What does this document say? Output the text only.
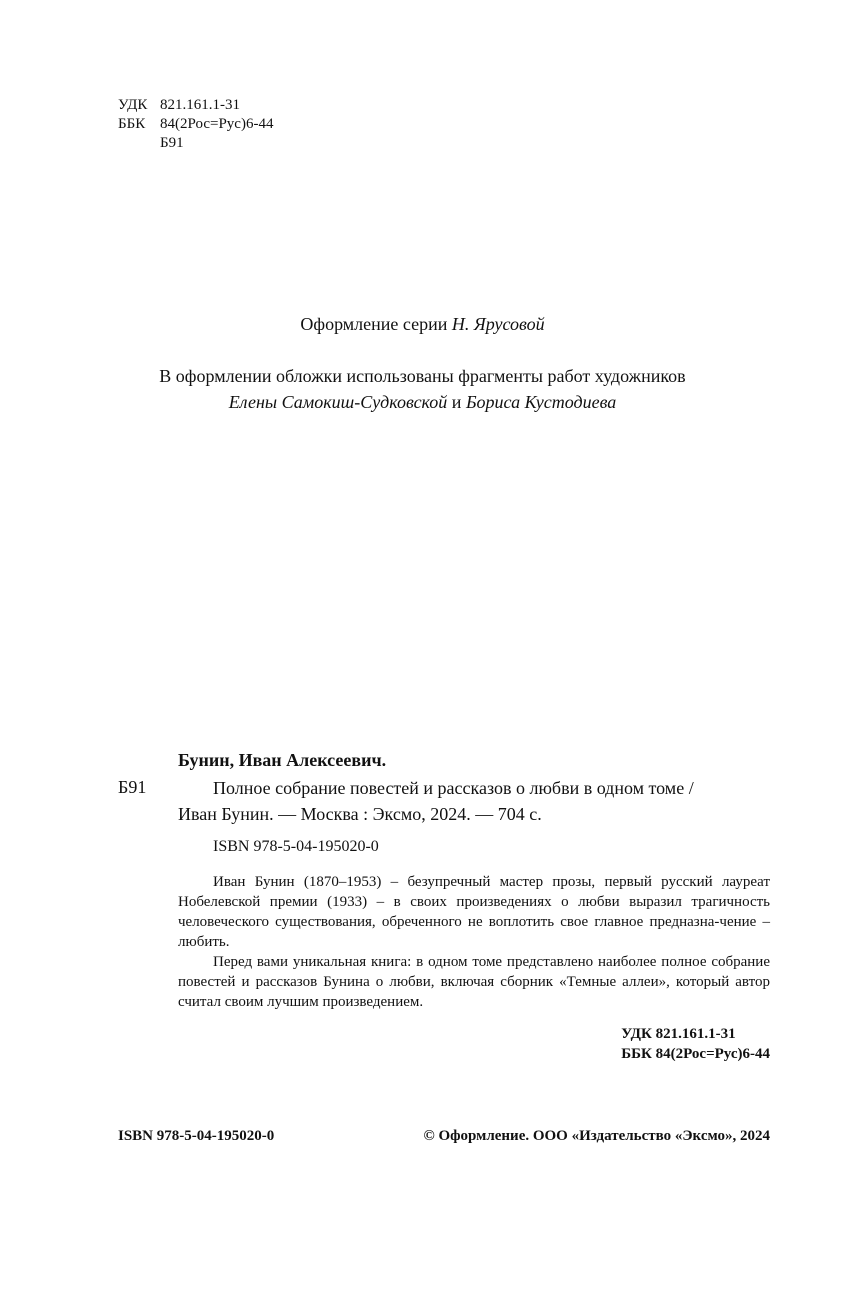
УДК 821.161.1-31
ББК 84(2Рос=Рус)6-44
Б91
Оформление серии Н. Ярусовой
В оформлении обложки использованы фрагменты работ художников
Елены Самокиш-Судковской и Бориса Кустодиева
Бунин, Иван Алексеевич.
Б91	Полное собрание повестей и рассказов о любви в одном томе /
Иван Бунин. — Москва : Эксмо, 2024. — 704 с.
ISBN 978-5-04-195020-0

Иван Бунин (1870–1953) – безупречный мастер прозы, первый русский лауреат Нобелевской премии (1933) – в своих произведениях о любви выразил трагичность человеческого существования, обреченного не воплотить свое главное предназна-чение – любить.

Перед вами уникальная книга: в одном томе представлено наиболее полное собрание повестей и рассказов Бунина о любви, включая сборник «Темные аллеи», который автор считал своим лучшим произведением.

УДК 821.161.1-31
ББК 84(2Рос=Рус)6-44
ISBN 978-5-04-195020-0	© Оформление. ООО «Издательство «Эксмо», 2024
